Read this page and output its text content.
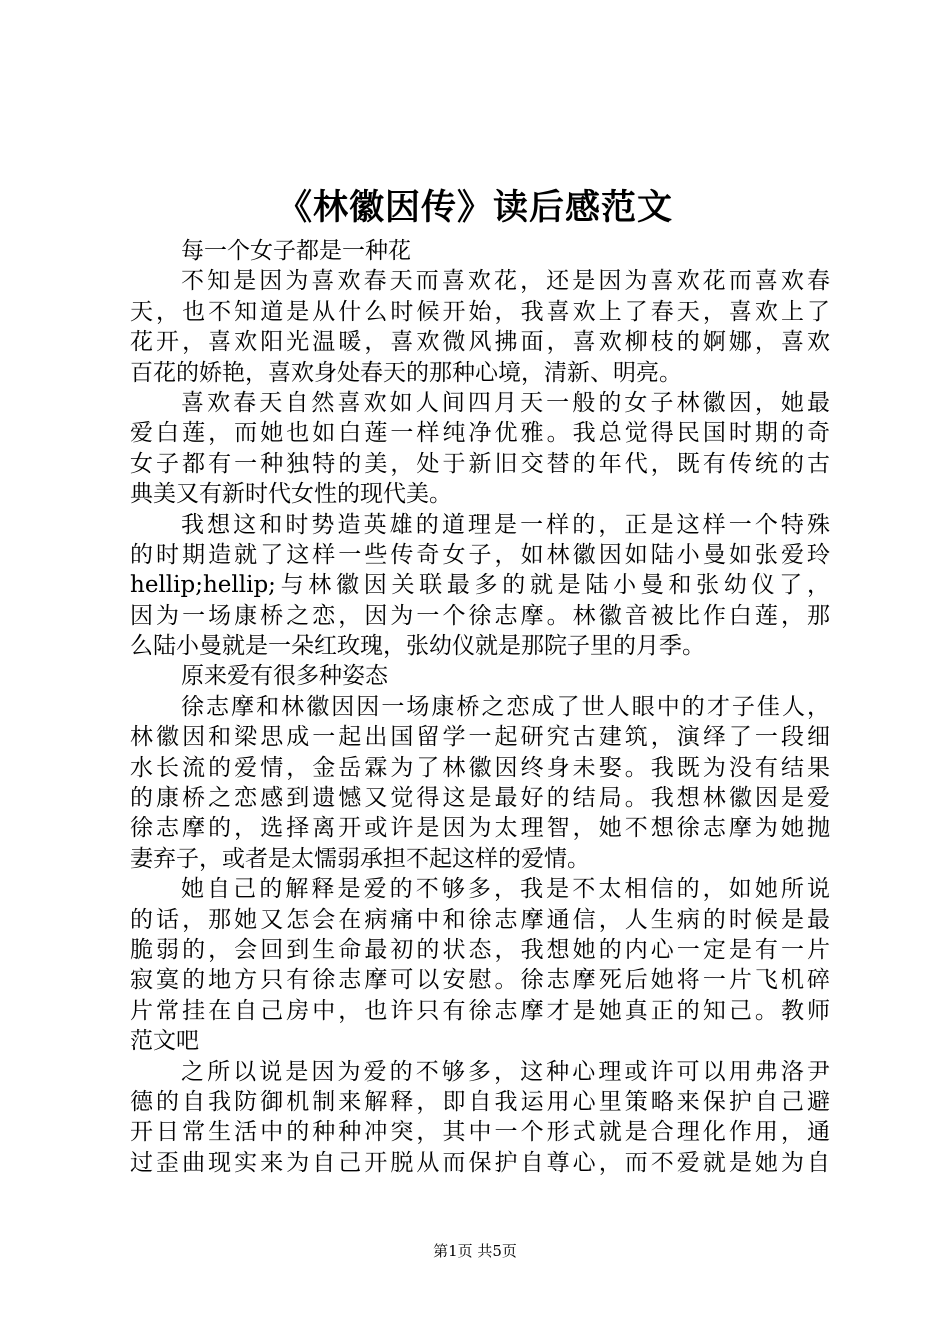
《林徽因传》读后感范文
每一个女子都是一种花
不知是因为喜欢春天而喜欢花，还是因为喜欢花而喜欢春
天，也不知道是从什么时候开始，我喜欢上了春天，喜欢上了
花开，喜欢阳光温暖，喜欢微风拂面，喜欢柳枝的婀娜，喜欢
百花的娇艳，喜欢身处春天的那种心境，清新、明亮。
喜欢春天自然喜欢如人间四月天一般的女子林徽因，她最
爱白莲，而她也如白莲一样纯净优雅。我总觉得民国时期的奇
女子都有一种独特的美，处于新旧交替的年代，既有传统的古
典美又有新时代女性的现代美。
我想这和时势造英雄的道理是一样的，正是这样一个特殊
的时期造就了这样一些传奇女子，如林徽因如陆小曼如张爱玲
hellip;hellip;与林徽因关联最多的就是陆小曼和张幼仪了，
因为一场康桥之恋，因为一个徐志摩。林徽音被比作白莲，那
么陆小曼就是一朵红玫瑰，张幼仪就是那院子里的月季。
原来爱有很多种姿态
徐志摩和林徽因因一场康桥之恋成了世人眼中的才子佳人，
林徽因和梁思成一起出国留学一起研究古建筑，演绎了一段细
水长流的爱情，金岳霖为了林徽因终身未娶。我既为没有结果
的康桥之恋感到遗憾又觉得这是最好的结局。我想林徽因是爱
徐志摩的，选择离开或许是因为太理智，她不想徐志摩为她抛
妻弃子，或者是太懦弱承担不起这样的爱情。
她自己的解释是爱的不够多，我是不太相信的，如她所说
的话，那她又怎会在病痛中和徐志摩通信，人生病的时候是最
脆弱的，会回到生命最初的状态，我想她的内心一定是有一片
寂寞的地方只有徐志摩可以安慰。徐志摩死后她将一片飞机碎
片常挂在自己房中，也许只有徐志摩才是她真正的知己。教师
范文吧
之所以说是因为爱的不够多，这种心理或许可以用弗洛尹
德的自我防御机制来解释，即自我运用心里策略来保护自己避
开日常生活中的种种冲突，其中一个形式就是合理化作用，通
过歪曲现实来为自己开脱从而保护自尊心，而不爱就是她为自
第1页 共5页
